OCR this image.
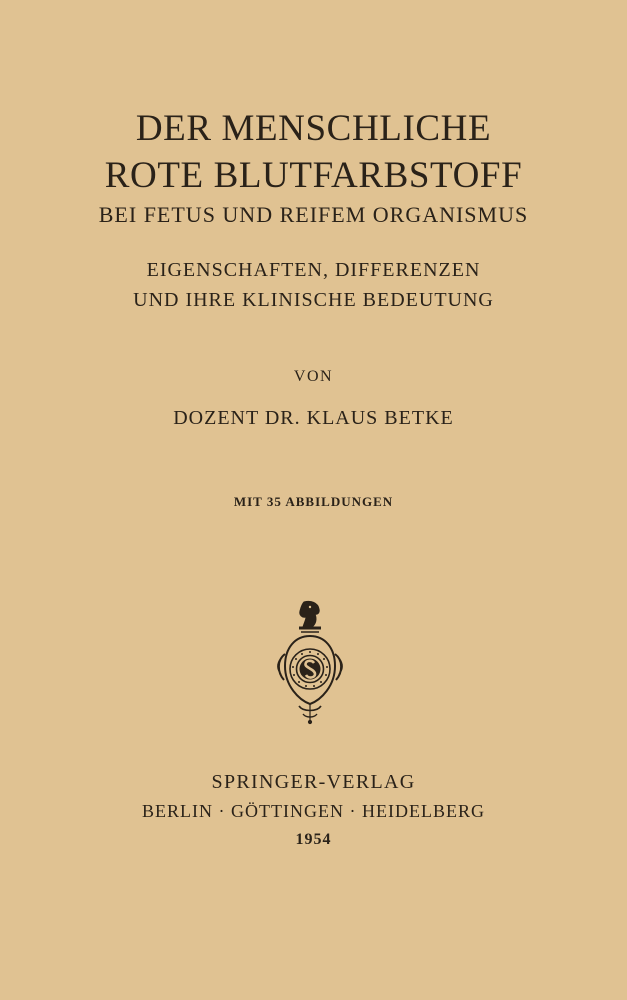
DER MENSCHLICHE
ROTE BLUTFARBSTOFF
BEI FETUS UND REIFEM ORGANISMUS
EIGENSCHAFTEN, DIFFERENZEN
UND IHRE KLINISCHE BEDEUTUNG
VON
DOZENT DR. KLAUS BETKE
MIT 35 ABBILDUNGEN
SPRINGER-VERLAG
BERLIN · GÖTTINGEN · HEIDELBERG
1954
